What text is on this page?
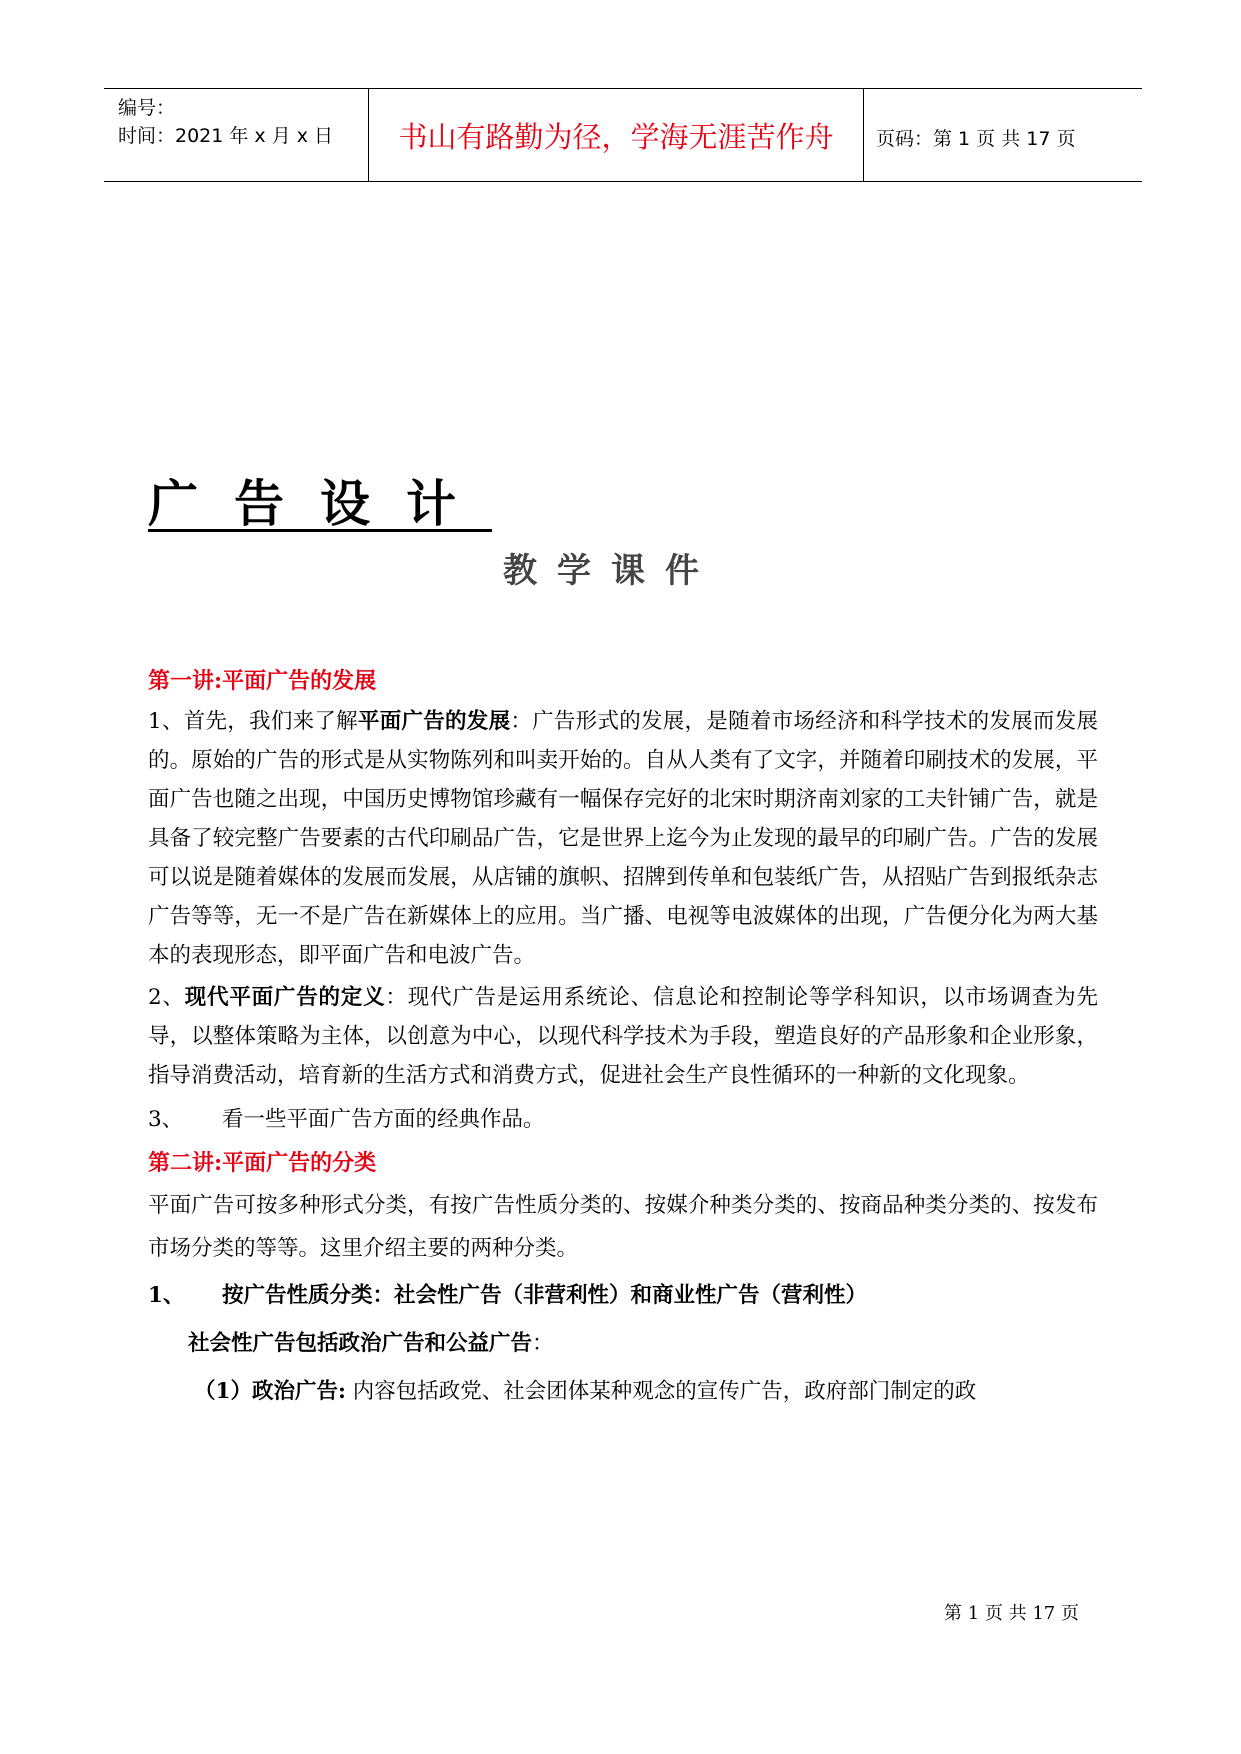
编号：
时间：2021 年 x 月 x 日	书山有路勤为径，学海无涯苦作舟	页码：第 1 页 共 17 页
广告设计
教学课件

第一讲:平面广告的发展

1、首先，我们来了解平面广告的发展：广告形式的发展，是随着市场经济和科学技术的发展而发展的。原始的广告的形式是从实物陈列和叫卖开始的。自从人类有了文字，并随着印刷技术的发展，平面广告也随之出现，中国历史博物馆珍藏有一幅保存完好的北宋时期济南刘家的工夫针铺广告，就是具备了较完整广告要素的古代印刷品广告，它是世界上迄今为止发现的最早的印刷广告。广告的发展可以说是随着媒体的发展而发展，从店铺的旗帜、招牌到传单和包装纸广告，从招贴广告到报纸杂志广告等等，无一不是广告在新媒体上的应用。当广播、电视等电波媒体的出现，广告便分化为两大基本的表现形态，即平面广告和电波广告。

2、现代平面广告的定义：现代广告是运用系统论、信息论和控制论等学科知识，以市场调查为先导，以整体策略为主体，以创意为中心，以现代科学技术为手段，塑造良好的产品形象和企业形象，指导消费活动，培育新的生活方式和消费方式，促进社会生产良性循环的一种新的文化现象。

3、 看一些平面广告方面的经典作品。

第二讲:平面广告的分类

平面广告可按多种形式分类，有按广告性质分类的、按媒介种类分类的、按商品种类分类的、按发布市场分类的等等。这里介绍主要的两种分类。

1、 按广告性质分类：社会性广告（非营利性）和商业性广告（营利性）

社会性广告包括政治广告和公益广告：

（1）政治广告: 内容包括政党、社会团体某种观念的宣传广告，政府部门制定的政

第 1 页 共 17 页
